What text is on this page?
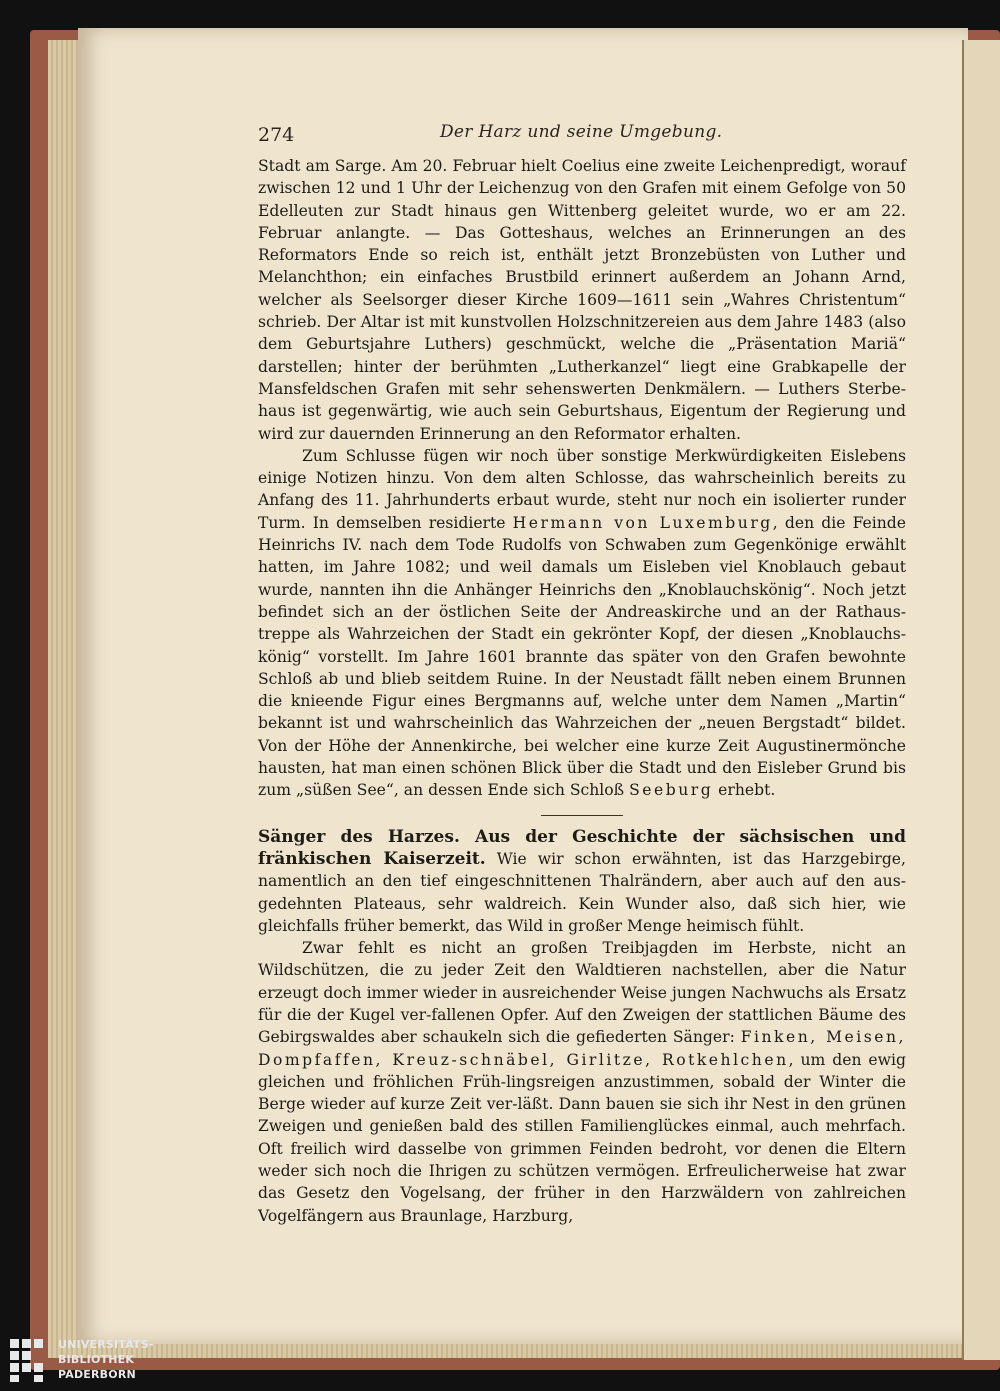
274	Der Harz und seine Umgebung.

Stadt am Sarge. Am 20. Februar hielt Coelius eine zweite Leichenpredigt, worauf zwischen 12 und 1 Uhr der Leichenzug von den Grafen mit einem Gefolge von 50 Edelleuten zur Stadt hinaus gen Wittenberg geleitet wurde, wo er am 22. Februar anlangte. — Das Gotteshaus, welches an Erinnerungen an des Reformators Ende so reich ist, enthält jetzt Bronzebüsten von Luther und Melanchthon; ein einfaches Brustbild erinnert außerdem an Johann Arnd, welcher als Seelsorger dieser Kirche 1609—1611 sein „Wahres Christentum“ schrieb. Der Altar ist mit kunstvollen Holzschnitzereien aus dem Jahre 1483 (also dem Geburtsjahre Luthers) geschmückt, welche die „Präsentation Mariä“ darstellen; hinter der berühmten „Lutherkanzel“ liegt eine Grabkapelle der Mansfeldschen Grafen mit sehr sehenswerten Denkmälern. — Luthers Sterbe-haus ist gegenwärtig, wie auch sein Geburtshaus, Eigentum der Regierung und wird zur dauernden Erinnerung an den Reformator erhalten.

Zum Schlusse fügen wir noch über sonstige Merkwürdigkeiten Eislebens einige Notizen hinzu. Von dem alten Schlosse, das wahrscheinlich bereits zu Anfang des 11. Jahrhunderts erbaut wurde, steht nur noch ein isolierter runder Turm. In demselben residierte Hermann von Luxemburg, den die Feinde Heinrichs IV. nach dem Tode Rudolfs von Schwaben zum Gegenkönige erwählt hatten, im Jahre 1082; und weil damals um Eisleben viel Knoblauch gebaut wurde, nannten ihn die Anhänger Heinrichs den „Knoblauchskönig“. Noch jetzt befindet sich an der östlichen Seite der Andreaskirche und an der Rathaus-treppe als Wahrzeichen der Stadt ein gekrönter Kopf, der diesen „Knoblauchs-könig“ vorstellt. Im Jahre 1601 brannte das später von den Grafen bewohnte Schloß ab und blieb seitdem Ruine. In der Neustadt fällt neben einem Brunnen die knieende Figur eines Bergmanns auf, welche unter dem Namen „Martin“ bekannt ist und wahrscheinlich das Wahrzeichen der „neuen Bergstadt“ bildet. Von der Höhe der Annenkirche, bei welcher eine kurze Zeit Augustinermönche hausten, hat man einen schönen Blick über die Stadt und den Eisleber Grund bis zum „süßen See“, an dessen Ende sich Schloß Seeburg erhebt.

Sänger des Harzes. Aus der Geschichte der sächsischen und fränkischen Kaiserzeit. Wie wir schon erwähnten, ist das Harzgebirge, namentlich an den tief eingeschnittenen Thalrändern, aber auch auf den aus-gedehnten Plateaus, sehr waldreich. Kein Wunder also, daß sich hier, wie gleichfalls früher bemerkt, das Wild in großer Menge heimisch fühlt.

Zwar fehlt es nicht an großen Treibjagden im Herbste, nicht an Wildschützen, die zu jeder Zeit den Waldtieren nachstellen, aber die Natur erzeugt doch immer wieder in ausreichender Weise jungen Nachwuchs als Ersatz für die der Kugel ver-fallenen Opfer. Auf den Zweigen der stattlichen Bäume des Gebirgswaldes aber schaukeln sich die gefiederten Sänger: Finken, Meisen, Dompfaffen, Kreuz-schnäbel, Girlitze, Rotkehlchen, um den ewig gleichen und fröhlichen Früh-lingsreigen anzustimmen, sobald der Winter die Berge wieder auf kurze Zeit ver-läßt. Dann bauen sie sich ihr Nest in den grünen Zweigen und genießen bald des stillen Familienglückes einmal, auch mehrfach. Oft freilich wird dasselbe von grimmen Feinden bedroht, vor denen die Eltern weder sich noch die Ihrigen zu schützen vermögen. Erfreulicherweise hat zwar das Gesetz den Vogelsang, der früher in den Harzwäldern von zahlreichen Vogelfängern aus Braunlage, Harzburg,

UNIVERSITÄTS-
BIBLIOTHEK
PADERBORN
